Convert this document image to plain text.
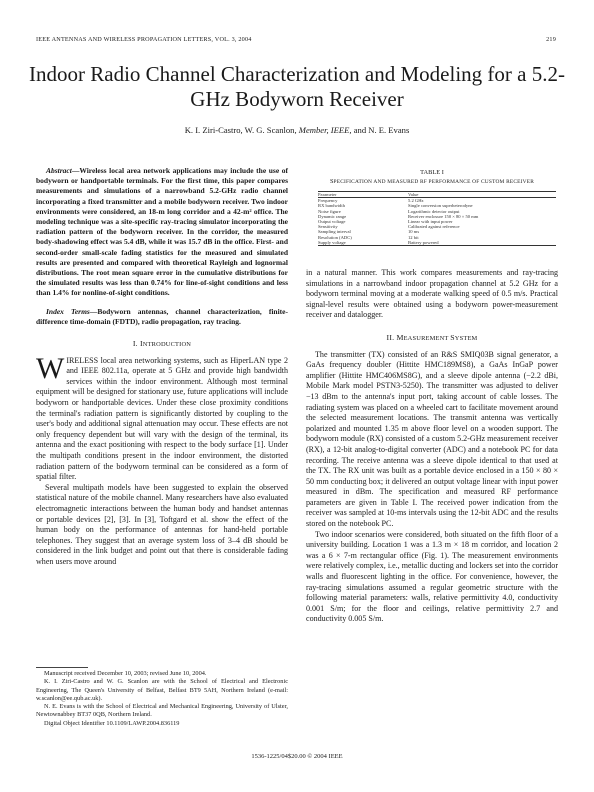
IEEE ANTENNAS AND WIRELESS PROPAGATION LETTERS, VOL. 3, 2004	219
Indoor Radio Channel Characterization and Modeling for a 5.2-GHz Bodyworn Receiver
K. I. Ziri-Castro, W. G. Scanlon, Member, IEEE, and N. E. Evans

Abstract—Wireless local area network applications may include the use of bodyworn or handportable terminals. For the first time, this paper compares measurements and simulations of a narrowband 5.2-GHz radio channel incorporating a fixed transmitter and a mobile bodyworn receiver. Two indoor environments were considered, an 18-m long corridor and a 42-m² office. The modeling technique was a site-specific ray-tracing simulator incorporating the radiation pattern of the bodyworn receiver. In the corridor, the measured body-shadowing effect was 5.4 dB, while it was 15.7 dB in the office. First- and second-order small-scale fading statistics for the measured and simulated results are presented and compared with theoretical Rayleigh and lognormal distributions. The root mean square error in the cumulative distributions for the simulated results was less than 0.74% for line-of-sight conditions and less than 1.4% for nonline-of-sight conditions.

Index Terms—Bodyworn antennas, channel characterization, finite-difference time-domain (FDTD), radio propagation, ray tracing.

I. INTRODUCTION

WIRELESS local area networking systems, such as HiperLAN type 2 and IEEE 802.11a, operate at 5 GHz and provide high bandwidth services within the indoor environment. Although most terminal equipment will be designed for stationary use, future applications will include bodyworn or handportable devices. Under these close proximity conditions the terminal's radiation pattern is significantly distorted by coupling to the user's body and additional signal attenuation may occur. These effects are not only frequency dependent but will vary with the design of the terminal, its antenna and the exact positioning with respect to the body surface [1]. Under the multipath conditions present in the indoor environment, the distorted radiation pattern of the bodyworn terminal can be considered as a form of spatial filter.

Several multipath models have been suggested to explain the observed statistical nature of the mobile channel. Many researchers have also evaluated electromagnetic interactions between the human body and handset antennas or portable devices [2], [3]. In [3], Toftgard et al. show the effect of the human body on the performance of antennas for hand-held portable telephones. They suggest that an average system loss of 3–4 dB should be considered in the link budget and point out that there is considerable fading when users move around

TABLE I
SPECIFICATION AND MEASURED RF PERFORMANCE OF CUSTOM RECEIVER
Parameter	Value
Frequency	5.2 GHz
RX bandwidth	Single conversion superheterodyne
Noise figure	Logarithmic detector output
Dynamic range	Receiver enclosure 150 × 80 × 50 mm
Output voltage	Linear with input power
Sensitivity	Calibrated against reference
Sampling interval	10 ms
Resolution (ADC)	12 bit
Supply voltage	Battery powered

in a natural manner. This work compares measurements and ray-tracing simulations in a narrowband indoor propagation channel at 5.2 GHz for a bodyworn terminal moving at a moderate walking speed of 0.5 m/s. Practical signal-level results were obtained using a bodyworn power-measurement receiver and datalogger.

II. MEASUREMENT SYSTEM

The transmitter (TX) consisted of an R&S SMIQ03B signal generator, a GaAs frequency doubler (Hittite HMC189MS8), a GaAs InGaP power amplifier (Hittite HMC406MS8G), and a sleeve dipole antenna (−2.2 dBi, Mobile Mark model PSTN3-5250). The transmitter was adjusted to deliver −13 dBm to the antenna's input port, taking account of cable losses. The radiating system was placed on a wheeled cart to facilitate movement around the selected measurement locations. The transmit antenna was vertically polarized and mounted 1.35 m above floor level on a wooden support. The bodyworn module (RX) consisted of a custom 5.2-GHz measurement receiver (RX), a 12-bit analog-to-digital converter (ADC) and a notebook PC for data recording. The receive antenna was a sleeve dipole identical to that used at the TX. The RX unit was built as a portable device enclosed in a 150 × 80 × 50 mm conducting box; it delivered an output voltage linear with input power measured in dBm. The specification and measured RF performance parameters are given in Table I. The received power indication from the receiver was sampled at 10-ms intervals using the 12-bit ADC and the results stored on the notebook PC.

Two indoor scenarios were considered, both situated on the fifth floor of a university building. Location 1 was a 1.3 m × 18 m corridor, and location 2 was a 6 × 7-m rectangular office (Fig. 1). The measurement environments were relatively complex, i.e., metallic ducting and lockers set into the corridor walls and fluorescent lighting in the office. For convenience, however, the ray-tracing simulations assumed a regular geometric structure with the following material parameters: walls, relative permittivity 4.0, conductivity 0.001 S/m; for the floor and ceilings, relative permittivity 2.7 and conductivity 0.005 S/m.

Manuscript received December 10, 2003; revised June 10, 2004.

K. I. Ziri-Castro and W. G. Scanlon are with the School of Electrical and Electronic Engineering, The Queen's University of Belfast, Belfast BT9 5AH, Northern Ireland (e-mail: w.scanlon@ee.qub.ac.uk).

N. E. Evans is with the School of Electrical and Mechanical Engineering, University of Ulster, Newtownabbey BT37 0QB, Northern Ireland.

Digital Object Identifier 10.1109/LAWP.2004.836119

1536-1225/04$20.00 © 2004 IEEE
